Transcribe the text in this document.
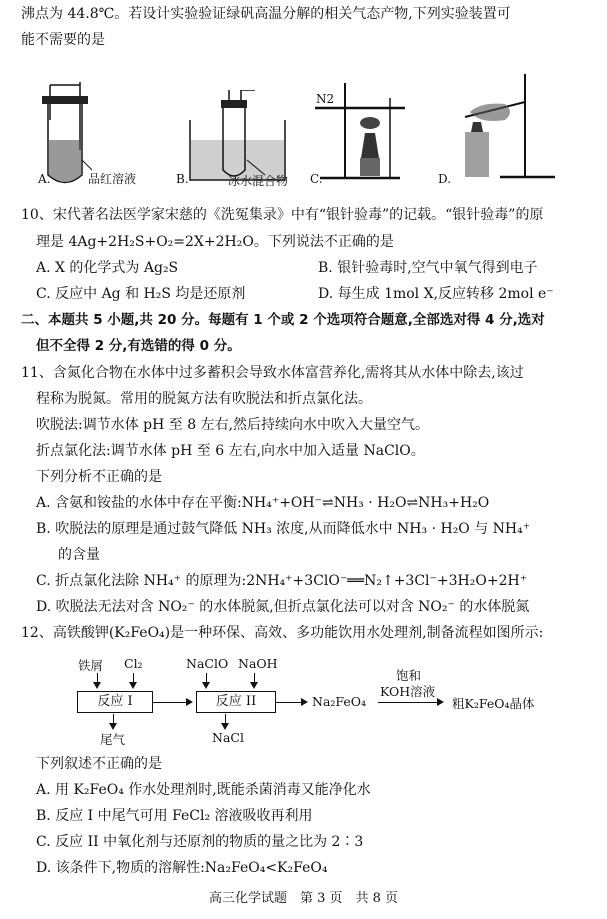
沸点为 44.8℃。若设计实验验证绿矾高温分解的相关气态产物,下列实验装置可
能不需要的是
A.	品红溶液	B.	冰水混合物
N2
C.	D.
10、宋代著名法医学家宋慈的《洗冤集录》中有“银针验毒”的记载。“银针验毒”的原
理是 4Ag+2H₂S+O₂=2X+2H₂O。下列说法不正确的是
A. X 的化学式为 Ag₂S	B. 银针验毒时,空气中氧气得到电子
C. 反应中 Ag 和 H₂S 均是还原剂	D. 每生成 1mol X,反应转移 2mol e⁻
二、本题共 5 小题,共 20 分。每题有 1 个或 2 个选项符合题意,全部选对得 4 分,选对
但不全得 2 分,有选错的得 0 分。
11、含氮化合物在水体中过多蓄积会导致水体富营养化,需将其从水体中除去,该过
程称为脱氮。常用的脱氮方法有吹脱法和折点氯化法。
吹脱法:调节水体 pH 至 8 左右,然后持续向水中吹入大量空气。
折点氯化法:调节水体 pH 至 6 左右,向水中加入适量 NaClO。
下列分析不正确的是
A. 含氨和铵盐的水体中存在平衡:NH₄⁺+OH⁻⇌NH₃ · H₂O⇌NH₃+H₂O
B. 吹脱法的原理是通过鼓气降低 NH₃ 浓度,从而降低水中 NH₃ · H₂O 与 NH₄⁺
的含量
C. 折点氯化法除 NH₄⁺ 的原理为:2NH₄⁺+3ClO⁻══N₂↑+3Cl⁻+3H₂O+2H⁺
D. 吹脱法无法对含 NO₂⁻ 的水体脱氮,但折点氯化法可以对含 NO₂⁻ 的水体脱氮
12、高铁酸钾(K₂FeO₄)是一种环保、高效、多功能饮用水处理剂,制备流程如图所示:
铁屑 Cl₂
反应 I
尾气
NaClO NaOH
反应 II
NaCl
Na₂FeO₄
饱和
KOH溶液
粗K₂FeO₄晶体
下列叙述不正确的是
A. 用 K₂FeO₄ 作水处理剂时,既能杀菌消毒又能净化水
B. 反应 I 中尾气可用 FeCl₂ 溶液吸收再利用
C. 反应 II 中氧化剂与还原剂的物质的量之比为 2∶3
D. 该条件下,物质的溶解性:Na₂FeO₄<K₂FeO₄
高三化学试题　第 3 页　共 8 页
